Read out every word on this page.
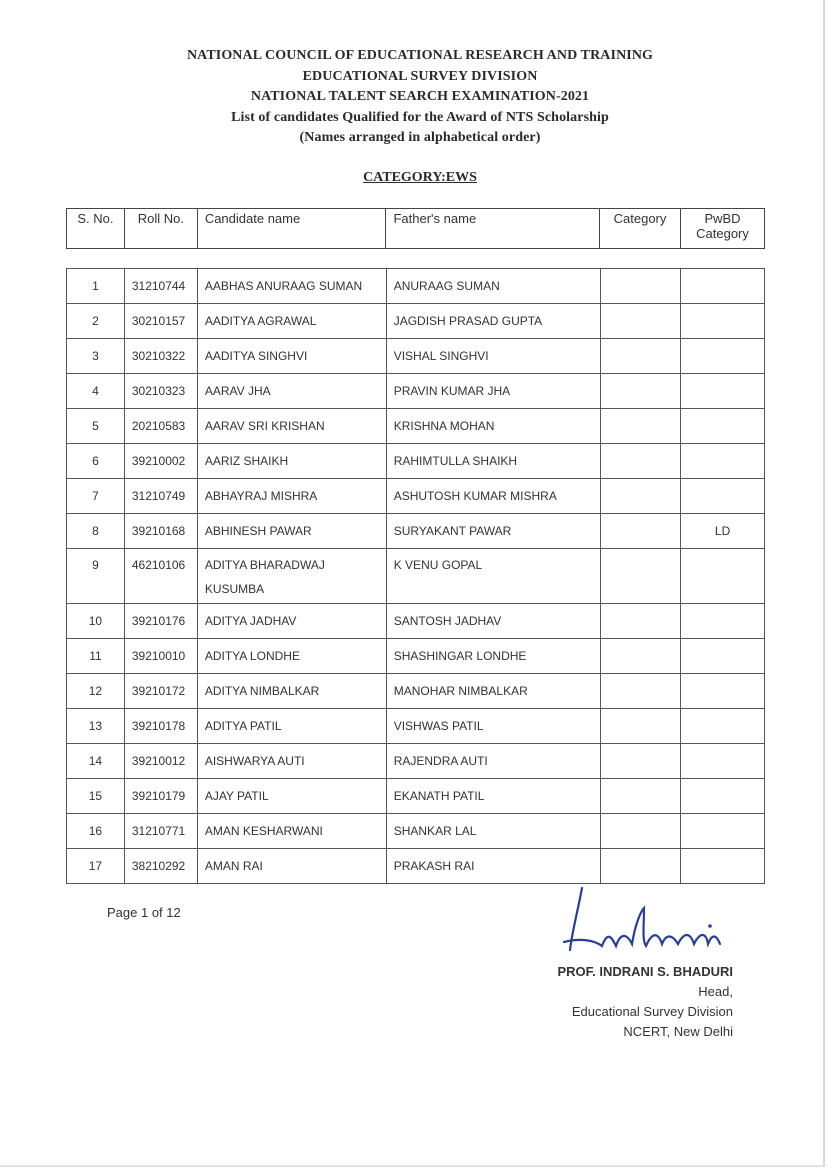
NATIONAL COUNCIL OF EDUCATIONAL RESEARCH AND TRAINING
EDUCATIONAL SURVEY DIVISION
NATIONAL TALENT SEARCH EXAMINATION-2021
List of candidates Qualified for the Award of NTS Scholarship
(Names arranged in alphabetical order)
CATEGORY:EWS
S. No.	Roll No.	Candidate name	Father's name	Category	PwBD
Category
1	31210744	AABHAS ANURAAG SUMAN	ANURAAG SUMAN		
2	30210157	AADITYA AGRAWAL	JAGDISH PRASAD GUPTA		
3	30210322	AADITYA SINGHVI	VISHAL SINGHVI		
4	30210323	AARAV JHA	PRAVIN KUMAR JHA		
5	20210583	AARAV SRI KRISHAN	KRISHNA MOHAN		
6	39210002	AARIZ SHAIKH	RAHIMTULLA SHAIKH		
7	31210749	ABHAYRAJ MISHRA	ASHUTOSH KUMAR MISHRA		
8	39210168	ABHINESH PAWAR	SURYAKANT PAWAR		LD
9	46210106	ADITYA BHARADWAJ
KUSUMBA	K VENU GOPAL		
10	39210176	ADITYA JADHAV	SANTOSH JADHAV		
11	39210010	ADITYA LONDHE	SHASHINGAR LONDHE		
12	39210172	ADITYA NIMBALKAR	MANOHAR NIMBALKAR		
13	39210178	ADITYA PATIL	VISHWAS PATIL		
14	39210012	AISHWARYA AUTI	RAJENDRA AUTI		
15	39210179	AJAY PATIL	EKANATH PATIL		
16	31210771	AMAN KESHARWANI	SHANKAR LAL		
17	38210292	AMAN RAI	PRAKASH RAI		
Page 1 of 12
PROF. INDRANI S. BHADURI
Head,
Educational Survey Division
NCERT, New Delhi
